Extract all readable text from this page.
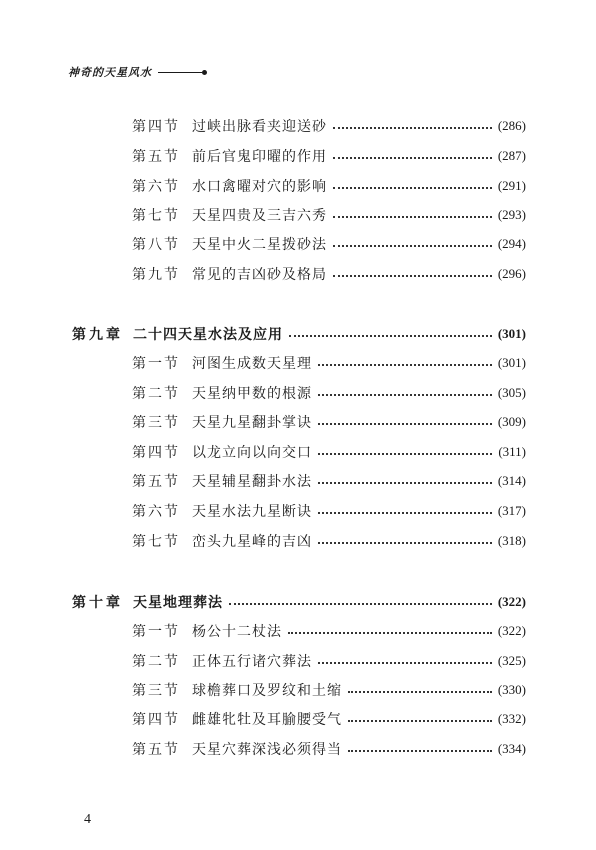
神奇的天星风水
第四节 过峡出脉看夹迎送砂	(286)
第五节 前后官鬼印曜的作用	(287)
第六节 水口禽曜对穴的影响	(291)
第七节 天星四贵及三吉六秀	(293)
第八节 天星中火二星拨砂法	(294)
第九节 常见的吉凶砂及格局	(296)
第九章 二十四天星水法及应用	(301)
第一节 河图生成数天星理	(301)
第二节 天星纳甲数的根源	(305)
第三节 天星九星翻卦掌诀	(309)
第四节 以龙立向以向交口	(311)
第五节 天星辅星翻卦水法	(314)
第六节 天星水法九星断诀	(317)
第七节 峦头九星峰的吉凶	(318)
第十章 天星地理葬法	(322)
第一节 杨公十二杖法	(322)
第二节 正体五行诸穴葬法	(325)
第三节 球檐葬口及罗纹和土缩	(330)
第四节 雌雄牝牡及耳腧腰受气	(332)
第五节 天星穴葬深浅必须得当	(334)
4
